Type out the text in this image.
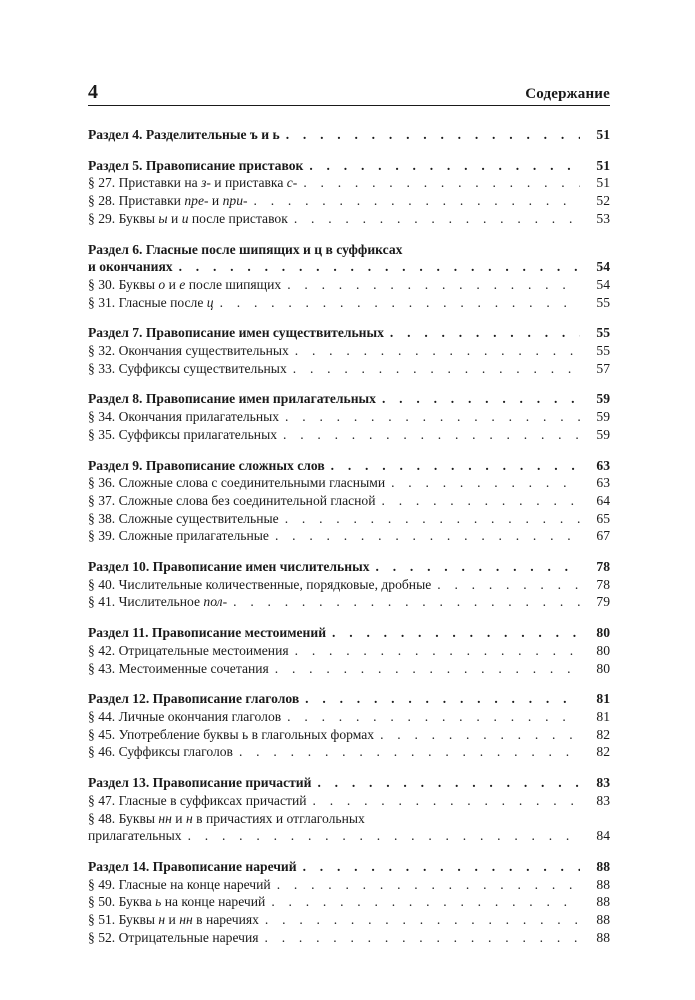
4	Содержание
Раздел 4. Разделительные ъ и ь . . .	51
Раздел 5. Правописание приставок . . .	51
§ 27. Приставки на з- и приставка с- . . .	51
§ 28. Приставки пре- и при- . . .	52
§ 29. Буквы ы и и после приставок . . .	53
Раздел 6. Гласные после шипящих и ц в суффиксах
и окончаниях . . .	54
§ 30. Буквы о и е после шипящих . . .	54
§ 31. Гласные после ц . . .	55
Раздел 7. Правописание имен существительных . . .	55
§ 32. Окончания существительных . . .	55
§ 33. Суффиксы существительных . . .	57
Раздел 8. Правописание имен прилагательных . . .	59
§ 34. Окончания прилагательных . . .	59
§ 35. Суффиксы прилагательных . . .	59
Раздел 9. Правописание сложных слов . . .	63
§ 36. Сложные слова с соединительными гласными . . .	63
§ 37. Сложные слова без соединительной гласной . . .	64
§ 38. Сложные существительные . . .	65
§ 39. Сложные прилагательные . . .	67
Раздел 10. Правописание имен числительных . . .	78
§ 40. Числительные количественные, порядковые, дробные . . .	78
§ 41. Числительное пол- . . .	79
Раздел 11. Правописание местоимений . . .	80
§ 42. Отрицательные местоимения . . .	80
§ 43. Местоименные сочетания . . .	80
Раздел 12. Правописание глаголов . . .	81
§ 44. Личные окончания глаголов . . .	81
§ 45. Употребление буквы ь в глагольных формах . . .	82
§ 46. Суффиксы глаголов . . .	82
Раздел 13. Правописание причастий . . .	83
§ 47. Гласные в суффиксах причастий . . .	83
§ 48. Буквы нн и н в причастиях и отглагольных
прилагательных . . .	84
Раздел 14. Правописание наречий . . .	88
§ 49. Гласные на конце наречий . . .	88
§ 50. Буква ь на конце наречий . . .	88
§ 51. Буквы н и нн в наречиях . . .	88
§ 52. Отрицательные наречия . . .	88
